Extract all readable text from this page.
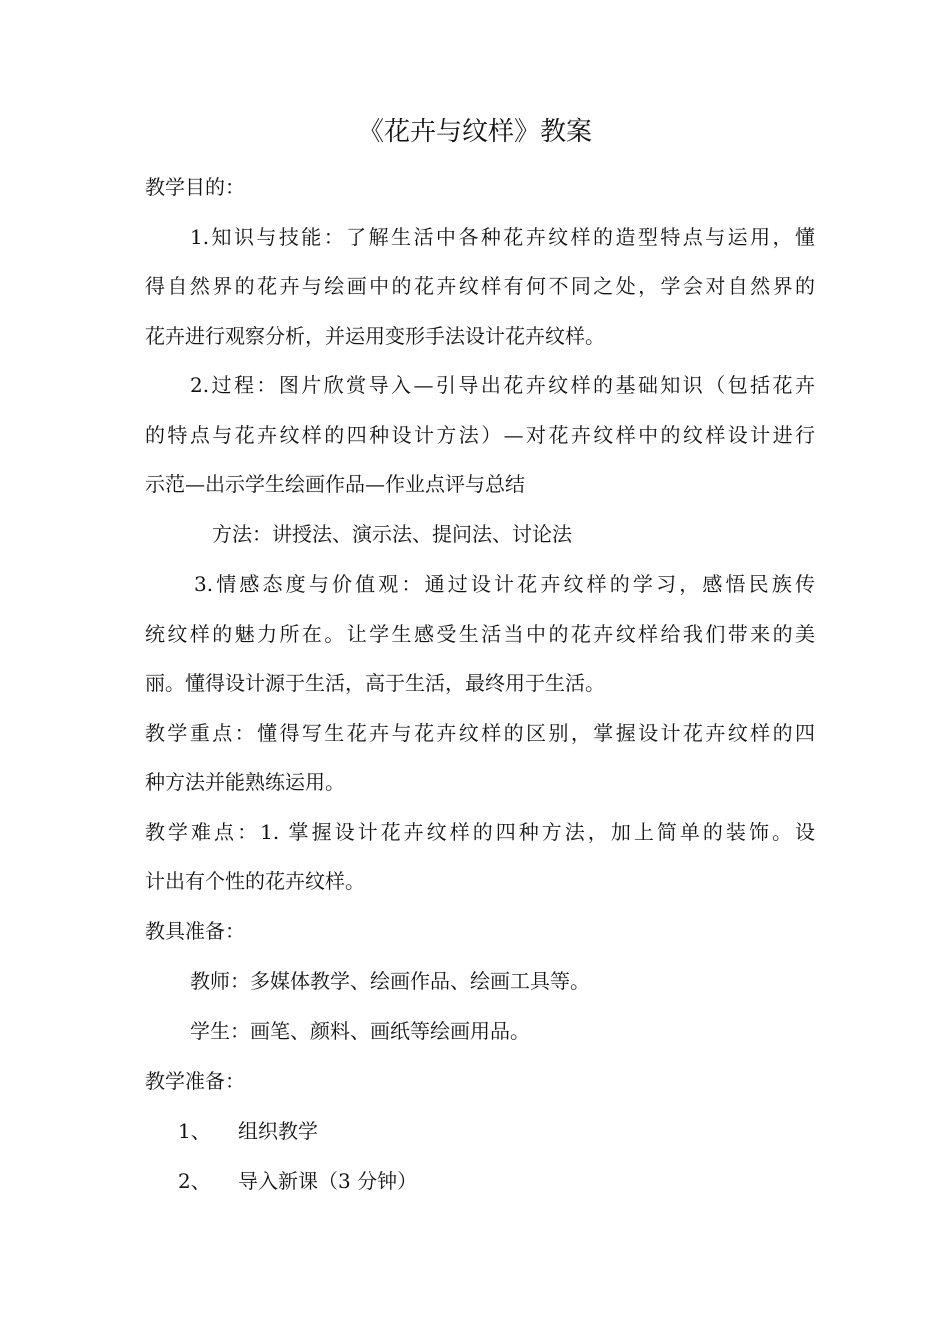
《花卉与纹样》教案
教学目的：
1.知识与技能：了解生活中各种花卉纹样的造型特点与运用，懂
得自然界的花卉与绘画中的花卉纹样有何不同之处，学会对自然界的
花卉进行观察分析，并运用变形手法设计花卉纹样。
2.过程：图片欣赏导入—引导出花卉纹样的基础知识（包括花卉
的特点与花卉纹样的四种设计方法）—对花卉纹样中的纹样设计进行
示范—出示学生绘画作品—作业点评与总结
方法：讲授法、演示法、提问法、讨论法
3.情感态度与价值观：通过设计花卉纹样的学习，感悟民族传
统纹样的魅力所在。让学生感受生活当中的花卉纹样给我们带来的美
丽。懂得设计源于生活，高于生活，最终用于生活。
教学重点：懂得写生花卉与花卉纹样的区别，掌握设计花卉纹样的四
种方法并能熟练运用。
教学难点：1. 掌握设计花卉纹样的四种方法，加上简单的装饰。设
计出有个性的花卉纹样。
教具准备：
教师：多媒体教学、绘画作品、绘画工具等。
学生：画笔、颜料、画纸等绘画用品。
教学准备：
1、 组织教学
2、 导入新课（3 分钟）
